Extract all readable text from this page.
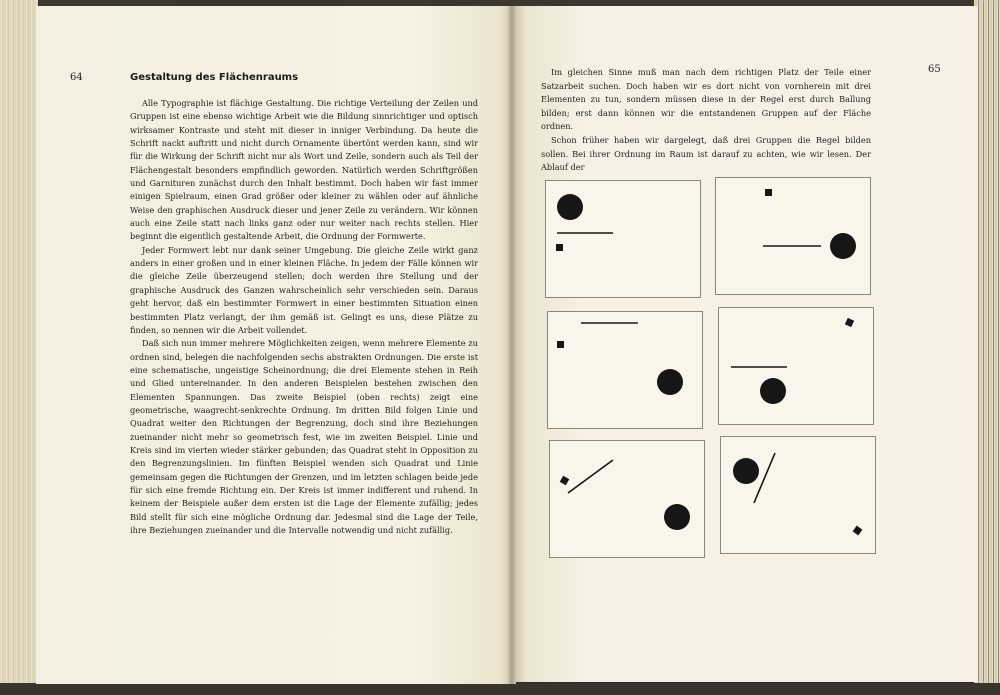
64	Gestaltung des Flächenraums

Alle Typographie ist flächige Gestaltung. Die richtige Verteilung der Zeilen und Gruppen ist eine ebenso wichtige Arbeit wie die Bildung sinnrichtiger und optisch wirksamer Kontraste und steht mit dieser in inniger Verbindung. Da heute die Schrift nackt auftritt und nicht durch Ornamente übertönt werden kann, sind wir für die Wirkung der Schrift nicht nur als Wort und Zeile, sondern auch als Teil der Flächengestalt besonders empfindlich geworden. Natürlich werden Schriftgrößen und Garnituren zunächst durch den Inhalt bestimmt. Doch haben wir fast immer einigen Spielraum, einen Grad größer oder kleiner zu wählen oder auf ähnliche Weise den graphischen Ausdruck dieser und jener Zeile zu verändern. Wir können auch eine Zeile statt nach links ganz oder nur weiter nach rechts stellen. Hier beginnt die eigentlich gestaltende Arbeit, die Ordnung der Formwerte.

Jeder Formwert lebt nur dank seiner Umgebung. Die gleiche Zeile wirkt ganz anders in einer großen und in einer kleinen Fläche. In jedem der Fälle können wir die gleiche Zeile überzeugend stellen; doch werden ihre Stellung und der graphische Ausdruck des Ganzen wahrscheinlich sehr verschieden sein. Daraus geht hervor, daß ein bestimmter Formwert in einer bestimmten Situation einen bestimmten Platz verlangt, der ihm gemäß ist. Gelingt es uns, diese Plätze zu finden, so nennen wir die Arbeit vollendet.

Daß sich nun immer mehrere Möglichkeiten zeigen, wenn mehrere Elemente zu ordnen sind, belegen die nachfolgenden sechs abstrakten Ordnungen. Die erste ist eine schematische, ungeistige Scheinordnung; die drei Elemente stehen in Reih und Glied untereinander. In den anderen Beispielen bestehen zwischen den Elementen Spannungen. Das zweite Beispiel (oben rechts) zeigt eine geometrische, waagrecht-senkrechte Ordnung. Im dritten Bild folgen Linie und Quadrat weiter den Richtungen der Begrenzung, doch sind ihre Beziehungen zueinander nicht mehr so geometrisch fest, wie im zweiten Beispiel. Linie und Kreis sind im vierten wieder stärker gebunden; das Quadrat steht in Opposition zu den Begrenzungslinien. Im fünften Beispiel wenden sich Quadrat und Linie gemeinsam gegen die Richtungen der Grenzen, und im letzten schlagen beide jede für sich eine fremde Richtung ein. Der Kreis ist immer indifferent und ruhend. In keinem der Beispiele außer dem ersten ist die Lage der Elemente zufällig; jedes Bild stellt für sich eine mögliche Ordnung dar. Jedesmal sind die Lage der Teile, ihre Beziehungen zueinander und die Intervalle notwendig und nicht zufällig.

65

Im gleichen Sinne muß man nach dem richtigen Platz der Teile einer Satzarbeit suchen. Doch haben wir es dort nicht von vornherein mit drei Elementen zu tun, sondern müssen diese in der Regel erst durch Ballung bilden; erst dann können wir die entstandenen Gruppen auf der Fläche ordnen.

Schon früher haben wir dargelegt, daß drei Gruppen die Regel bilden sollen. Bei ihrer Ordnung im Raum ist darauf zu achten, wie wir lesen. Der Ablauf der
